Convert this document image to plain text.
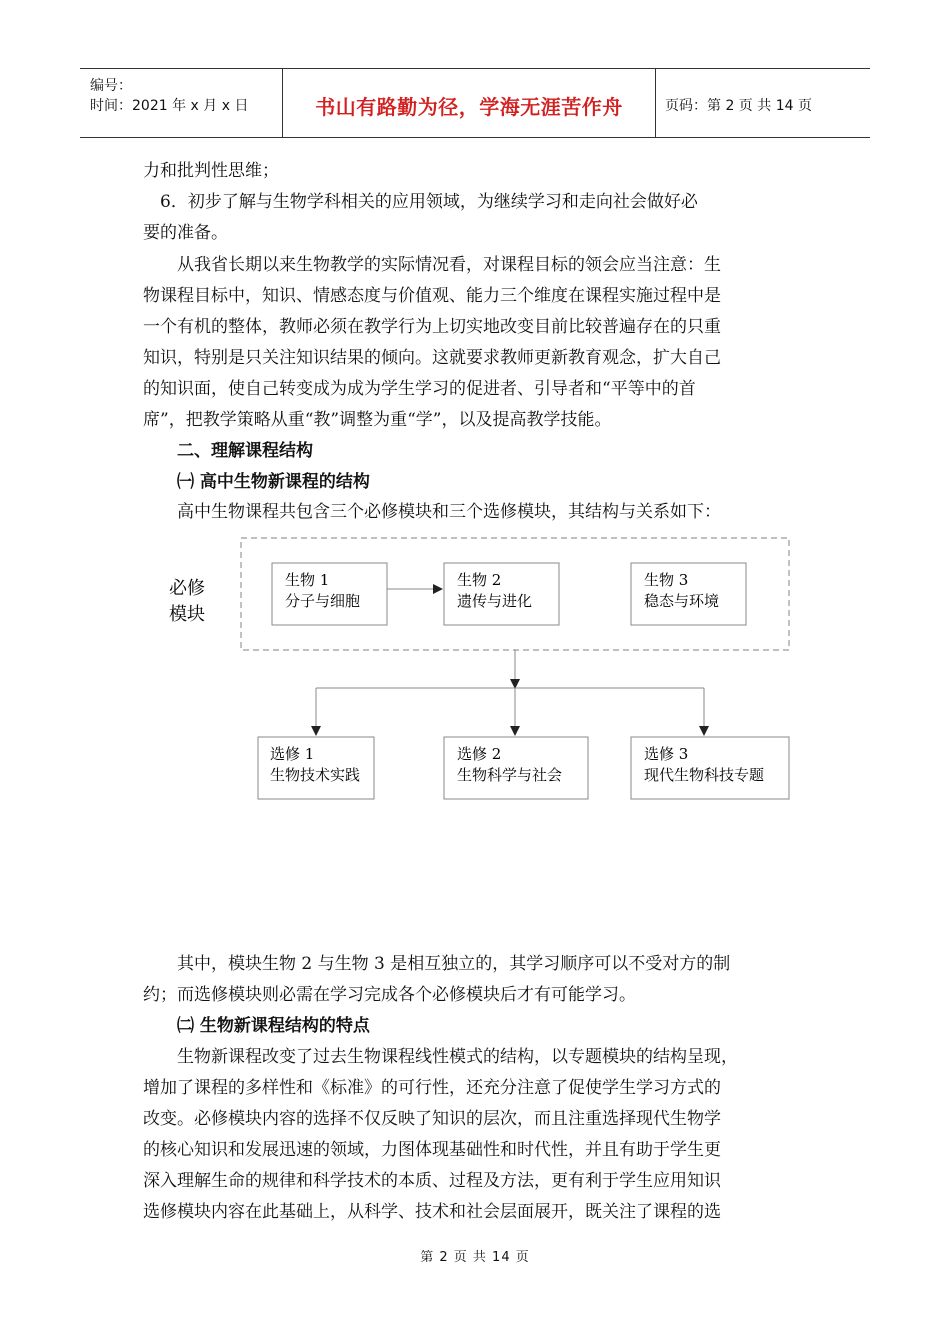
编号：
时间：2021 年 x 月 x 日	书山有路勤为径，学海无涯苦作舟	页码：第 2 页 共 14 页
力和批判性思维；
　6．初步了解与生物学科相关的应用领域，为继续学习和走向社会做好必
要的准备。
　　从我省长期以来生物教学的实际情况看，对课程目标的领会应当注意：生
物课程目标中，知识、情感态度与价值观、能力三个维度在课程实施过程中是
一个有机的整体，教师必须在教学行为上切实地改变目前比较普遍存在的只重
知识，特别是只关注知识结果的倾向。这就要求教师更新教育观念，扩大自己
的知识面，使自己转变成为成为学生学习的促进者、引导者和“平等中的首
席”，把教学策略从重“教”调整为重“学”，以及提高教学技能。
　　二、理解课程结构
　　㈠ 高中生物新课程的结构
　　高中生物课程共包含三个必修模块和三个选修模块，其结构与关系如下：
必修
模块
生物 1
分子与细胞
生物 2
遗传与进化
生物 3
稳态与环境
选修 1
生物技术实践
选修 2
生物科学与社会
选修 3
现代生物科技专题
　　其中，模块生物 2 与生物 3 是相互独立的，其学习顺序可以不受对方的制
约；而选修模块则必需在学习完成各个必修模块后才有可能学习。
　　㈡ 生物新课程结构的特点
　　生物新课程改变了过去生物课程线性模式的结构，以专题模块的结构呈现，
增加了课程的多样性和《标准》的可行性，还充分注意了促使学生学习方式的
改变。必修模块内容的选择不仅反映了知识的层次，而且注重选择现代生物学
的核心知识和发展迅速的领域，力图体现基础性和时代性，并且有助于学生更
深入理解生命的规律和科学技术的本质、过程及方法，更有利于学生应用知识
选修模块内容在此基础上，从科学、技术和社会层面展开，既关注了课程的选
第 2 页 共 14 页
